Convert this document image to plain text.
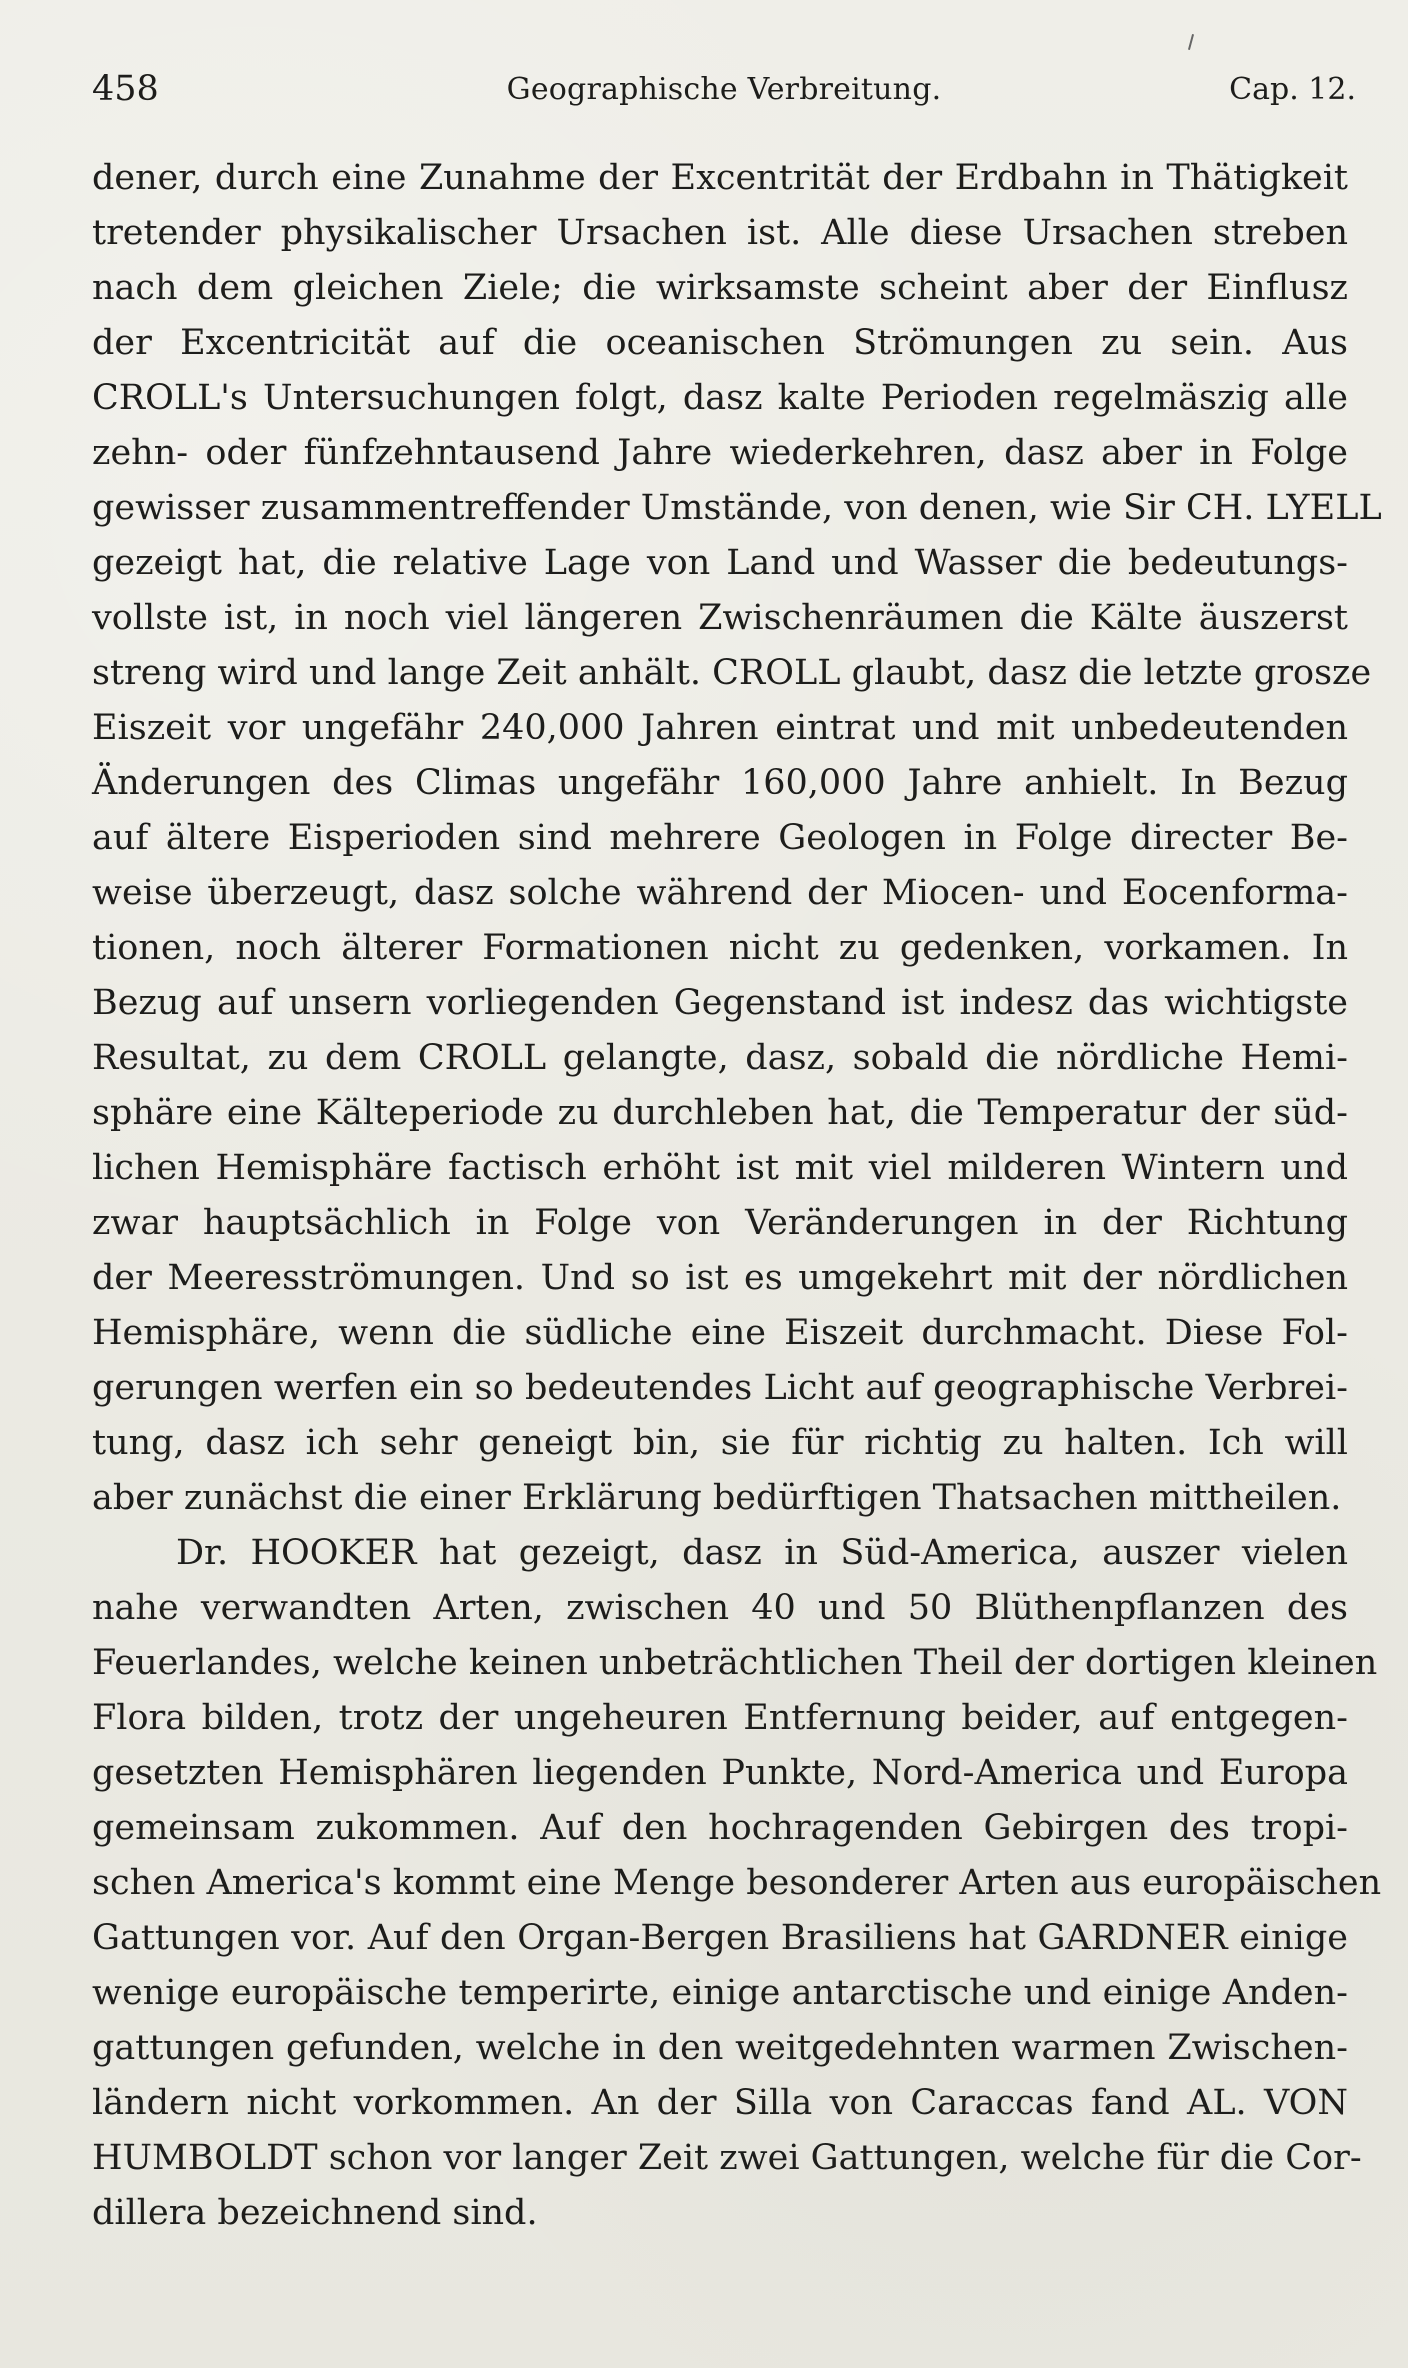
458	Geographische Verbreitung.	Cap. 12.
dener, durch eine Zunahme der Excentrität der Erdbahn in Thätigkeit
tretender physikalischer Ursachen ist. Alle diese Ursachen streben
nach dem gleichen Ziele; die wirksamste scheint aber der Einflusz
der Excentricität auf die oceanischen Strömungen zu sein. Aus
CROLL's Untersuchungen folgt, dasz kalte Perioden regelmäszig alle
zehn- oder fünfzehntausend Jahre wiederkehren, dasz aber in Folge
gewisser zusammentreffender Umstände, von denen, wie Sir CH. LYELL
gezeigt hat, die relative Lage von Land und Wasser die bedeutungs-
vollste ist, in noch viel längeren Zwischenräumen die Kälte äuszerst
streng wird und lange Zeit anhält. CROLL glaubt, dasz die letzte grosze
Eiszeit vor ungefähr 240,000 Jahren eintrat und mit unbedeutenden
Änderungen des Climas ungefähr 160,000 Jahre anhielt. In Bezug
auf ältere Eisperioden sind mehrere Geologen in Folge directer Be-
weise überzeugt, dasz solche während der Miocen- und Eocenforma-
tionen, noch älterer Formationen nicht zu gedenken, vorkamen. In
Bezug auf unsern vorliegenden Gegenstand ist indesz das wichtigste
Resultat, zu dem CROLL gelangte, dasz, sobald die nördliche Hemi-
sphäre eine Kälteperiode zu durchleben hat, die Temperatur der süd-
lichen Hemisphäre factisch erhöht ist mit viel milderen Wintern und
zwar hauptsächlich in Folge von Veränderungen in der Richtung
der Meeresströmungen. Und so ist es umgekehrt mit der nördlichen
Hemisphäre, wenn die südliche eine Eiszeit durchmacht. Diese Fol-
gerungen werfen ein so bedeutendes Licht auf geographische Verbrei-
tung, dasz ich sehr geneigt bin, sie für richtig zu halten. Ich will
aber zunächst die einer Erklärung bedürftigen Thatsachen mittheilen.
Dr. HOOKER hat gezeigt, dasz in Süd-America, auszer vielen
nahe verwandten Arten, zwischen 40 und 50 Blüthenpflanzen des
Feuerlandes, welche keinen unbeträchtlichen Theil der dortigen kleinen
Flora bilden, trotz der ungeheuren Entfernung beider, auf entgegen-
gesetzten Hemisphären liegenden Punkte, Nord-America und Europa
gemeinsam zukommen. Auf den hochragenden Gebirgen des tropi-
schen America's kommt eine Menge besonderer Arten aus europäischen
Gattungen vor. Auf den Organ-Bergen Brasiliens hat GARDNER einige
wenige europäische temperirte, einige antarctische und einige Anden-
gattungen gefunden, welche in den weitgedehnten warmen Zwischen-
ländern nicht vorkommen. An der Silla von Caraccas fand AL. VON
HUMBOLDT schon vor langer Zeit zwei Gattungen, welche für die Cor-
dillera bezeichnend sind.
